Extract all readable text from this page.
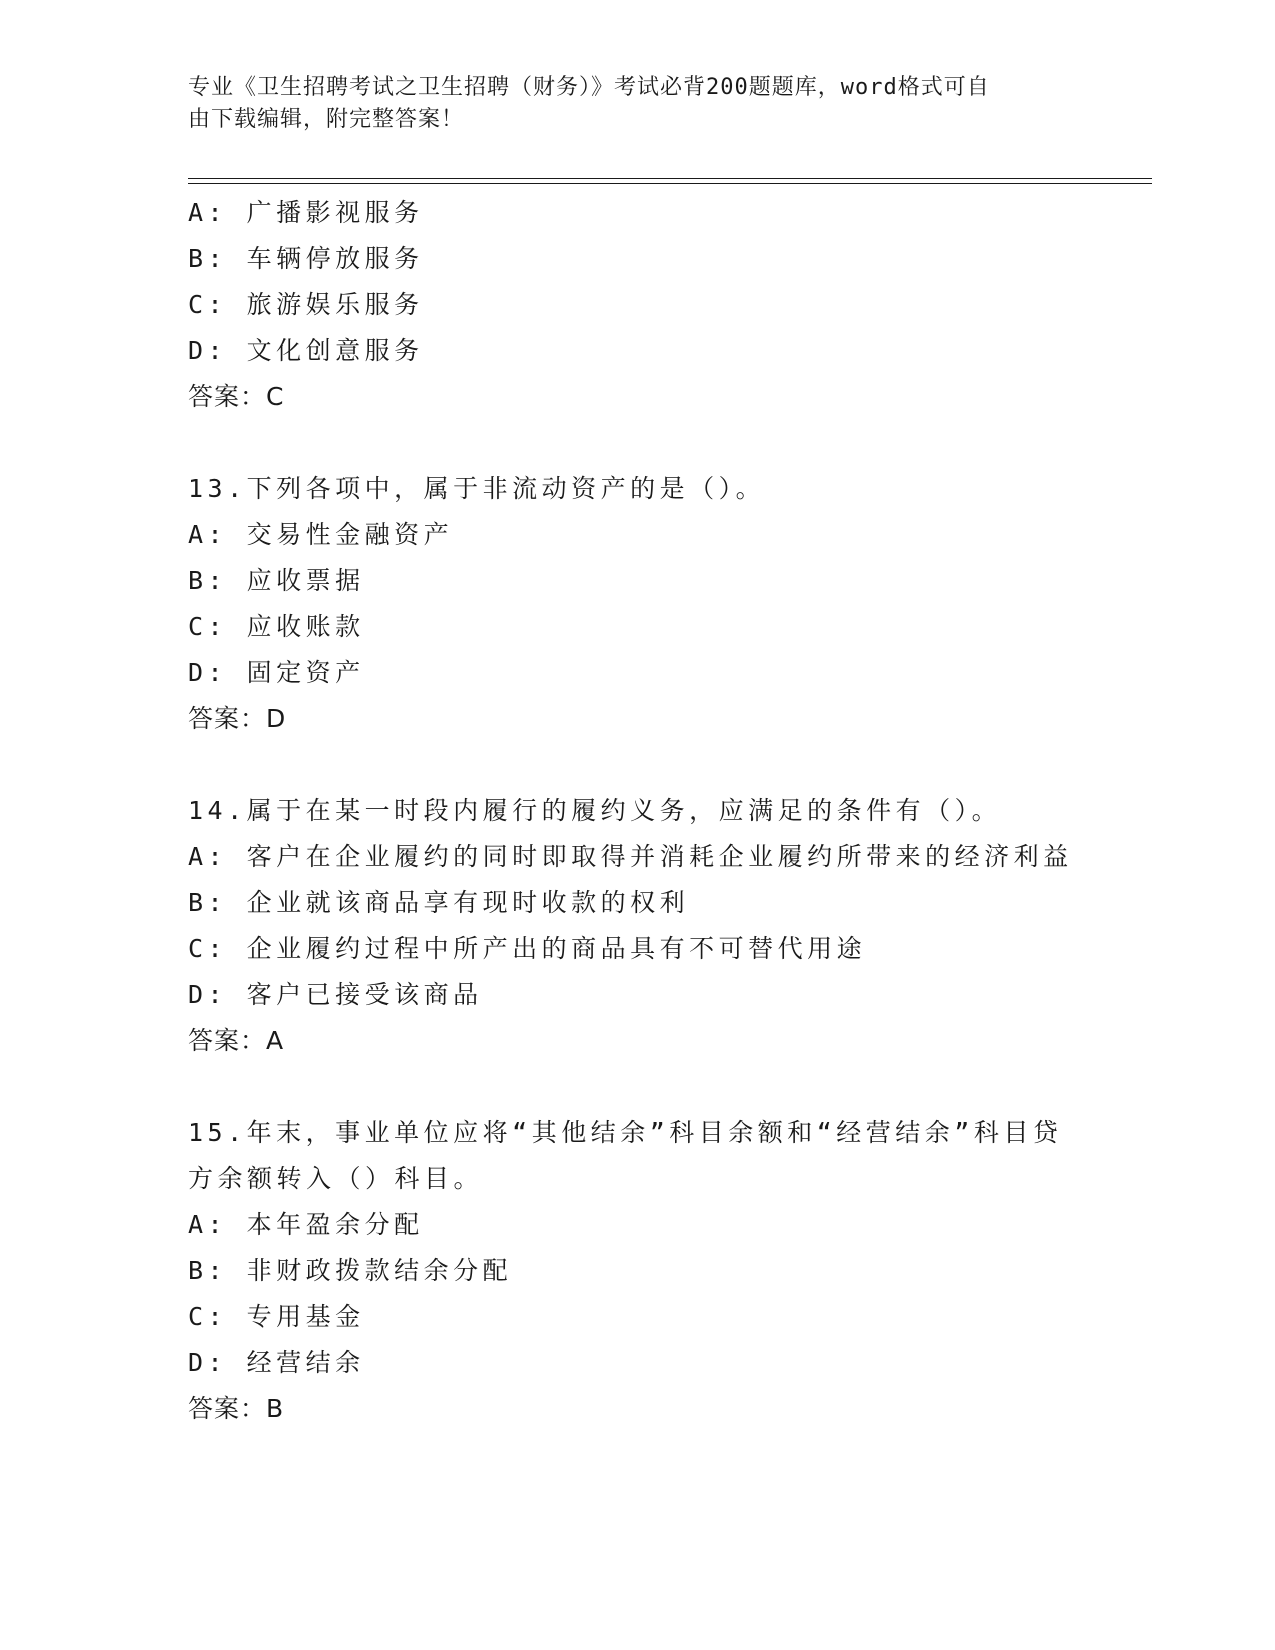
专业《卫生招聘考试之卫生招聘（财务）》考试必背200题题库，word格式可自
由下载编辑，附完整答案！
A: 广播影视服务
B: 车辆停放服务
C: 旅游娱乐服务
D: 文化创意服务
答案：C
13.下列各项中，属于非流动资产的是（）。
A: 交易性金融资产
B: 应收票据
C: 应收账款
D: 固定资产
答案：D
14.属于在某一时段内履行的履约义务，应满足的条件有（）。
A: 客户在企业履约的同时即取得并消耗企业履约所带来的经济利益
B: 企业就该商品享有现时收款的权利
C: 企业履约过程中所产出的商品具有不可替代用途
D: 客户已接受该商品
答案：A
15.年末，事业单位应将“其他结余”科目余额和“经营结余”科目贷
方余额转入（）科目。
A: 本年盈余分配
B: 非财政拨款结余分配
C: 专用基金
D: 经营结余
答案：B
